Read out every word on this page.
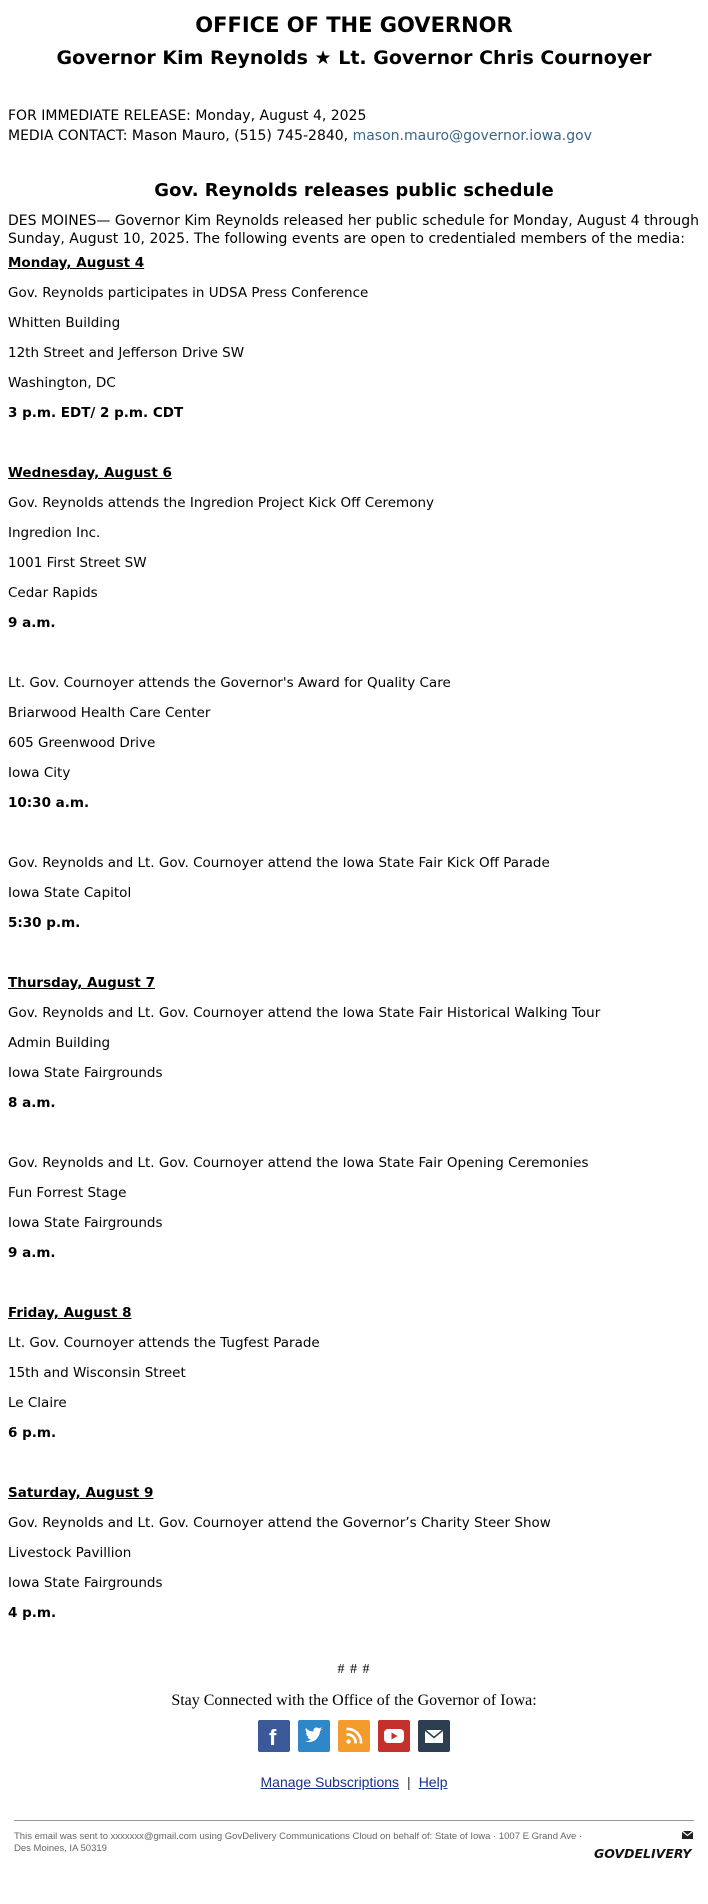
OFFICE OF THE GOVERNOR

Governor Kim Reynolds ★ Lt. Governor Chris Cournoyer

FOR IMMEDIATE RELEASE: Monday, August 4, 2025
MEDIA CONTACT: Mason Mauro, (515) 745-2840, mason.mauro@governor.iowa.gov
Gov. Reynolds releases public schedule

DES MOINES— Governor Kim Reynolds released her public schedule for Monday, August 4 through Sunday, August 10, 2025. The following events are open to credentialed members of the media:

Monday, August 4
Gov. Reynolds participates in UDSA Press Conference
Whitten Building
12th Street and Jefferson Drive SW
Washington, DC
3 p.m. EDT/ 2 p.m. CDT
Wednesday, August 6
Gov. Reynolds attends the Ingredion Project Kick Off Ceremony
Ingredion Inc.
1001 First Street SW
Cedar Rapids
9 a.m.
Lt. Gov. Cournoyer attends the Governor's Award for Quality Care
Briarwood Health Care Center
605 Greenwood Drive
Iowa City
10:30 a.m.
Gov. Reynolds and Lt. Gov. Cournoyer attend the Iowa State Fair Kick Off Parade
Iowa State Capitol
5:30 p.m.
Thursday, August 7
Gov. Reynolds and Lt. Gov. Cournoyer attend the Iowa State Fair Historical Walking Tour
Admin Building
Iowa State Fairgrounds
8 a.m.
Gov. Reynolds and Lt. Gov. Cournoyer attend the Iowa State Fair Opening Ceremonies
Fun Forrest Stage
Iowa State Fairgrounds
9 a.m.
Friday, August 8
Lt. Gov. Cournoyer attends the Tugfest Parade
15th and Wisconsin Street
Le Claire
6 p.m.
Saturday, August 9
Gov. Reynolds and Lt. Gov. Cournoyer attend the Governor’s Charity Steer Show
Livestock Pavillion
Iowa State Fairgrounds
4 p.m.
# # #
Stay Connected with the Office of the Governor of Iowa:
f

Manage Subscriptions | Help
This email was sent to xxxxxxx@gmail.com using GovDelivery Communications Cloud on behalf of: State of Iowa · 1007 E Grand Ave · Des Moines, IA 50319	GOVDELIVERY
